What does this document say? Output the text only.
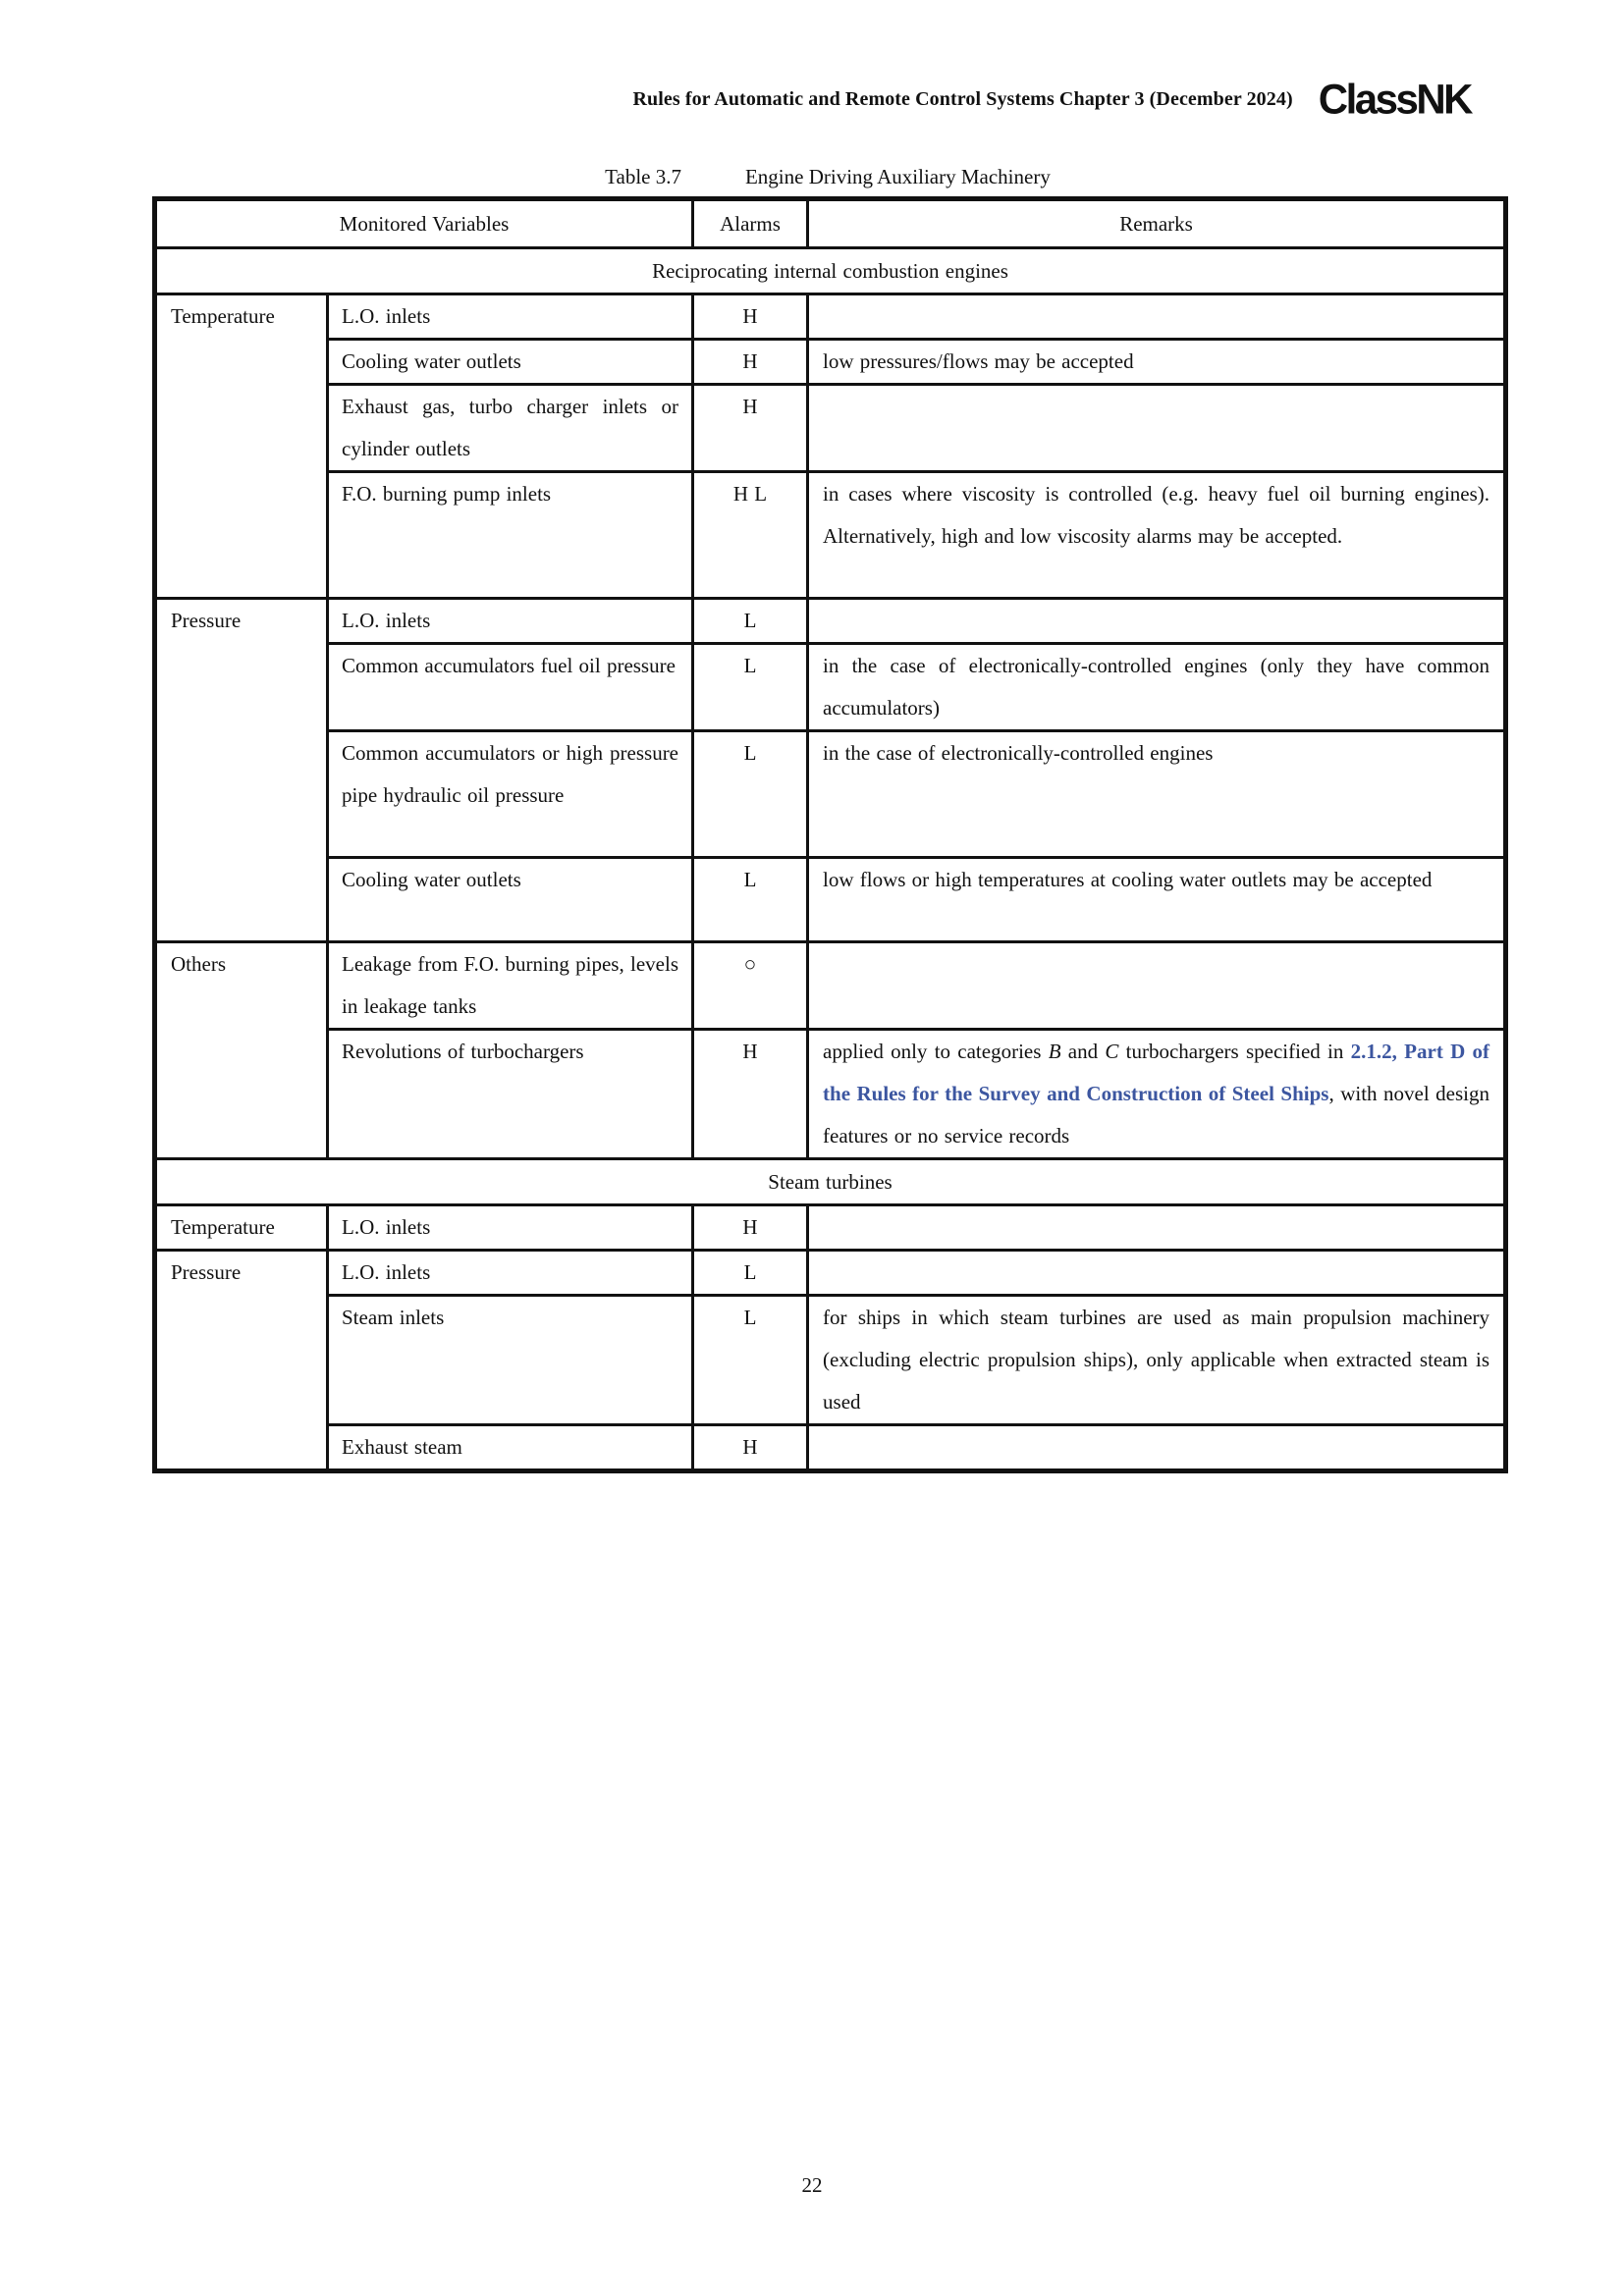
Rules for Automatic and Remote Control Systems Chapter 3 (December 2024) ClassNK
Table 3.7	Engine Driving Auxiliary Machinery
Monitored Variables		Alarms	Remarks
Reciprocating internal combustion engines			
Temperature	L.O. inlets	H	
	Cooling water outlets	H	low pressures/flows may be accepted
	Exhaust gas, turbo charger inlets or cylinder outlets	H	
	F.O. burning pump inlets	H L	in cases where viscosity is controlled (e.g. heavy fuel oil burning engines). Alternatively, high and low viscosity alarms may be accepted.
Pressure	L.O. inlets	L	
	Common accumulators fuel oil pressure	L	in the case of electronically-controlled engines (only they have common accumulators)
	Common accumulators or high pressure pipe hydraulic oil pressure	L	in the case of electronically-controlled engines
	Cooling water outlets	L	low flows or high temperatures at cooling water outlets may be accepted
Others	Leakage from F.O. burning pipes, levels in leakage tanks	○	
	Revolutions of turbochargers	H	applied only to categories B and C turbochargers specified in 2.1.2, Part D of the Rules for the Survey and Construction of Steel Ships, with novel design features or no service records
Steam turbines			
Temperature	L.O. inlets	H	
Pressure	L.O. inlets	L	
	Steam inlets	L	for ships in which steam turbines are used as main propulsion machinery (excluding electric propulsion ships), only applicable when extracted steam is used
	Exhaust steam	H	
22
